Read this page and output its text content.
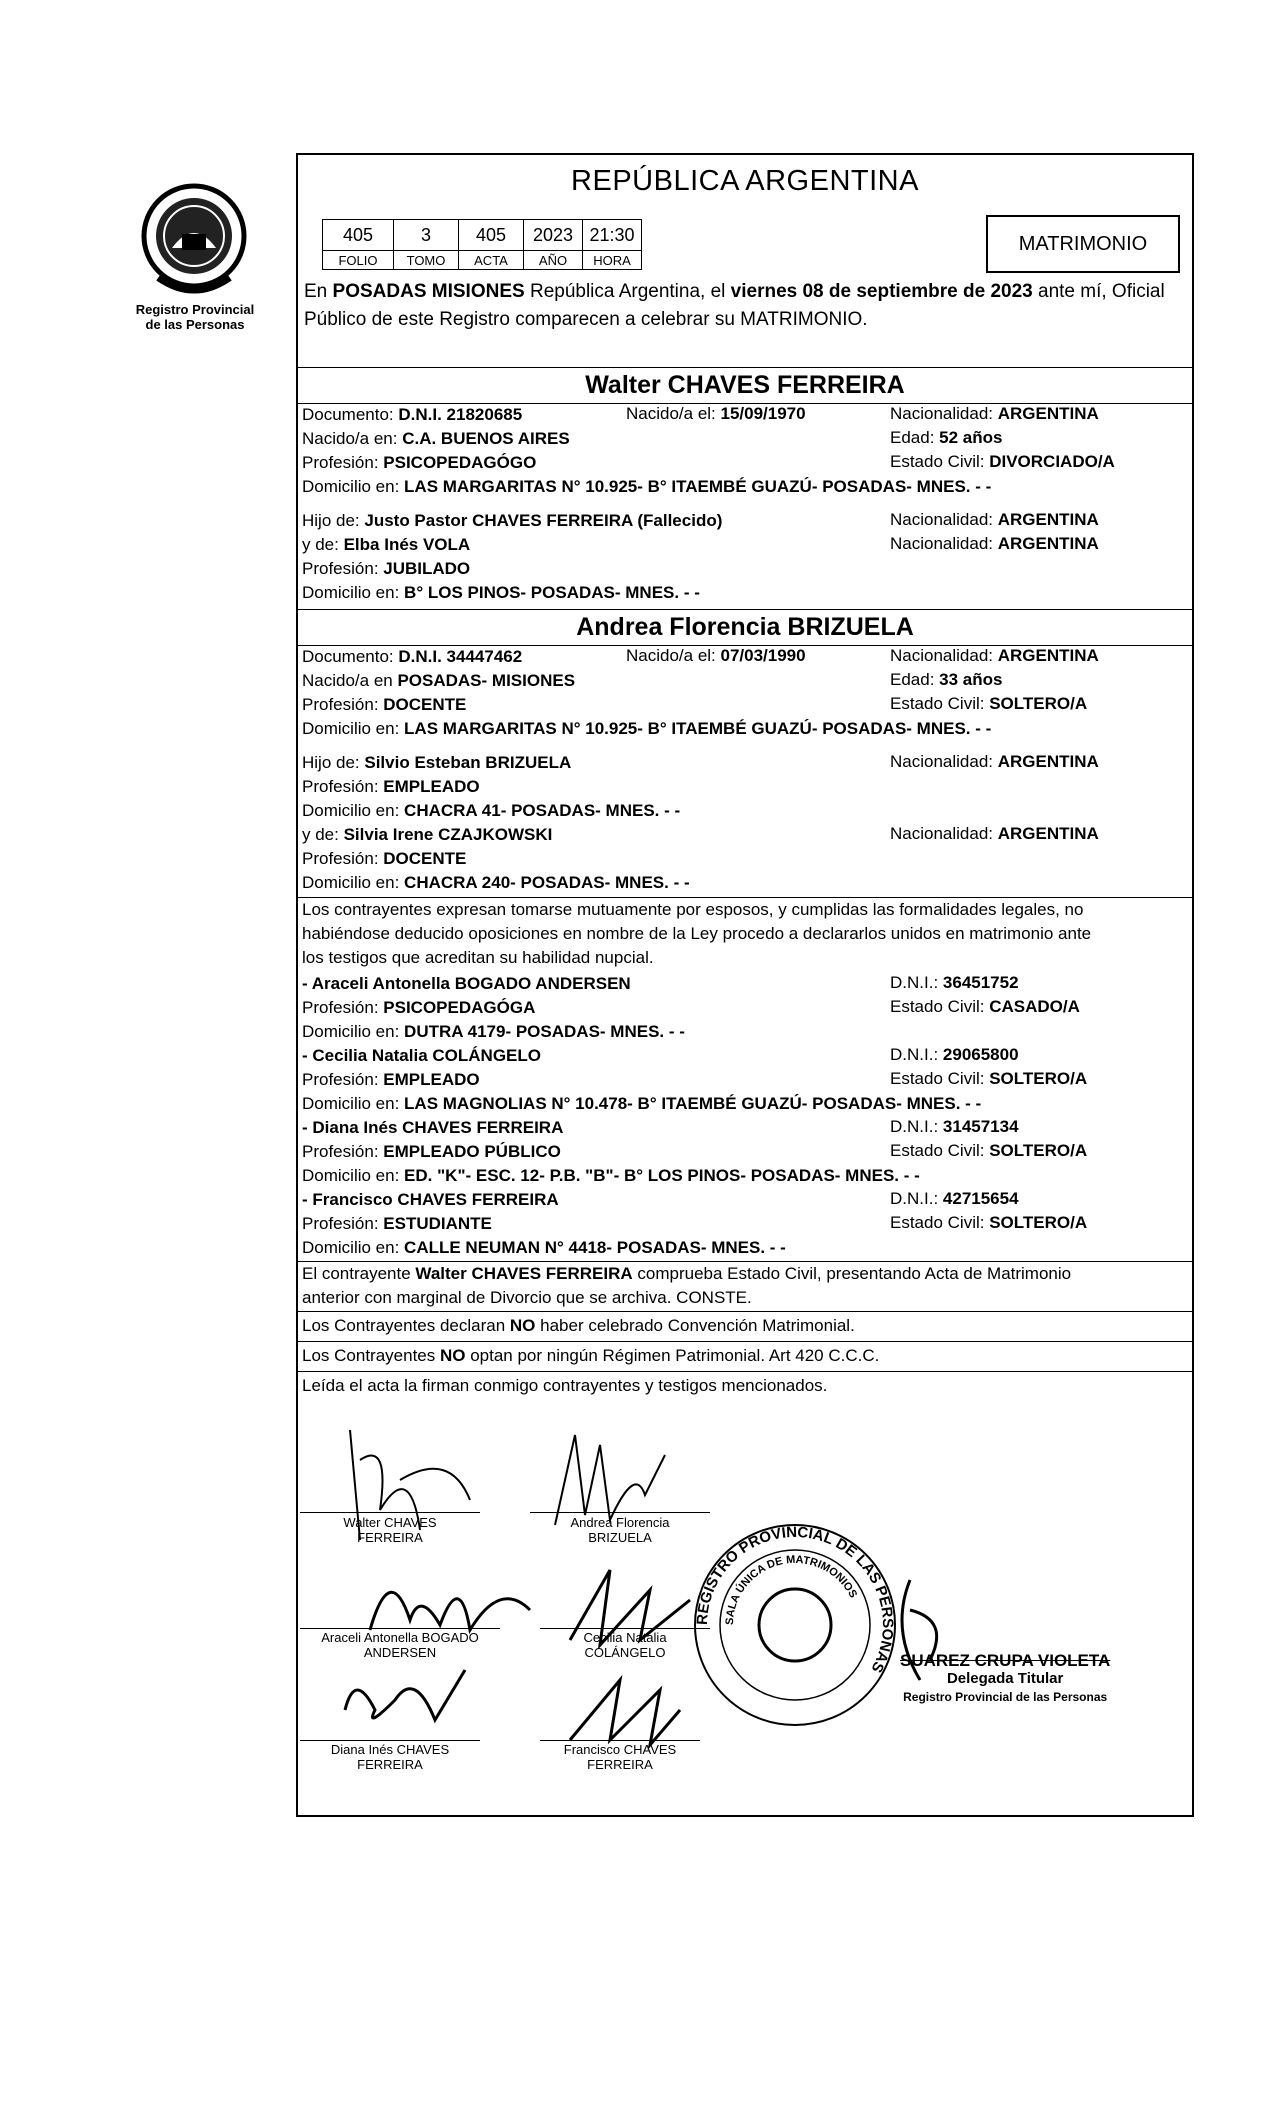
Registro Provincial
de las Personas
REPÚBLICA ARGENTINA
405	3	405	2023	21:30
FOLIO	TOMO	ACTA	AÑO	HORA
MATRIMONIO
En POSADAS MISIONES República Argentina, el viernes 08 de septiembre de 2023 ante mí, Oficial Público de este Registro comparecen a celebrar su MATRIMONIO.
Walter CHAVES FERREIRA
Documento: D.N.I. 21820685	Nacido/a el: 15/09/1970	Nacionalidad: ARGENTINA
Nacido/a en: C.A. BUENOS AIRES	Edad: 52 años
Profesión: PSICOPEDAGÓGO	Estado Civil: DIVORCIADO/A
Domicilio en: LAS MARGARITAS N° 10.925- B° ITAEMBÉ GUAZÚ- POSADAS- MNES. - -
Hijo de: Justo Pastor CHAVES FERREIRA (Fallecido)	Nacionalidad: ARGENTINA
y de: Elba Inés VOLA	Nacionalidad: ARGENTINA
Profesión: JUBILADO
Domicilio en: B° LOS PINOS- POSADAS- MNES. - -
Andrea Florencia BRIZUELA
Documento: D.N.I. 34447462	Nacido/a el: 07/03/1990	Nacionalidad: ARGENTINA
Nacido/a en POSADAS- MISIONES	Edad: 33 años
Profesión: DOCENTE	Estado Civil: SOLTERO/A
Domicilio en: LAS MARGARITAS N° 10.925- B° ITAEMBÉ GUAZÚ- POSADAS- MNES. - -
Hijo de: Silvio Esteban BRIZUELA	Nacionalidad: ARGENTINA
Profesión: EMPLEADO
Domicilio en: CHACRA 41- POSADAS- MNES. - -
y de: Silvia Irene CZAJKOWSKI	Nacionalidad: ARGENTINA
Profesión: DOCENTE
Domicilio en: CHACRA 240- POSADAS- MNES. - -
Los contrayentes expresan tomarse mutuamente por esposos, y cumplidas las formalidades legales, no
habiéndose deducido oposiciones en nombre de la Ley procedo a declararlos unidos en matrimonio ante
los testigos que acreditan su habilidad nupcial.
- Araceli Antonella BOGADO ANDERSEN	D.N.I.: 36451752
Profesión: PSICOPEDAGÓGA	Estado Civil: CASADO/A
Domicilio en: DUTRA 4179- POSADAS- MNES. - -
- Cecilia Natalia COLÁNGELO	D.N.I.: 29065800
Profesión: EMPLEADO	Estado Civil: SOLTERO/A
Domicilio en: LAS MAGNOLIAS N° 10.478- B° ITAEMBÉ GUAZÚ- POSADAS- MNES. - -
- Diana Inés CHAVES FERREIRA	D.N.I.: 31457134
Profesión: EMPLEADO PÚBLICO	Estado Civil: SOLTERO/A
Domicilio en: ED. "K"- ESC. 12- P.B. "B"- B° LOS PINOS- POSADAS- MNES. - -
- Francisco CHAVES FERREIRA	D.N.I.: 42715654
Profesión: ESTUDIANTE	Estado Civil: SOLTERO/A
Domicilio en: CALLE NEUMAN N° 4418- POSADAS- MNES. - -
El contrayente Walter CHAVES FERREIRA comprueba Estado Civil, presentando Acta de Matrimonio
anterior con marginal de Divorcio que se archiva. CONSTE.
Los Contrayentes declaran NO haber celebrado Convención Matrimonial.
Los Contrayentes NO optan por ningún Régimen Patrimonial. Art 420 C.C.C.
Leída el acta la firman conmigo contrayentes y testigos mencionados.
Walter CHAVES
FERREIRA
Andrea Florencia
BRIZUELA
Araceli Antonella BOGADO
ANDERSEN
Cecilia Natalia
COLÁNGELO
Diana Inés CHAVES
FERREIRA
Francisco CHAVES
FERREIRA
REGISTRO PROVINCIAL DE LAS PERSONAS
SALA ÚNICA DE MATRIMONIOS
SUAREZ CRUPA VIOLETA
Delegada Titular
Registro Provincial de las Personas
